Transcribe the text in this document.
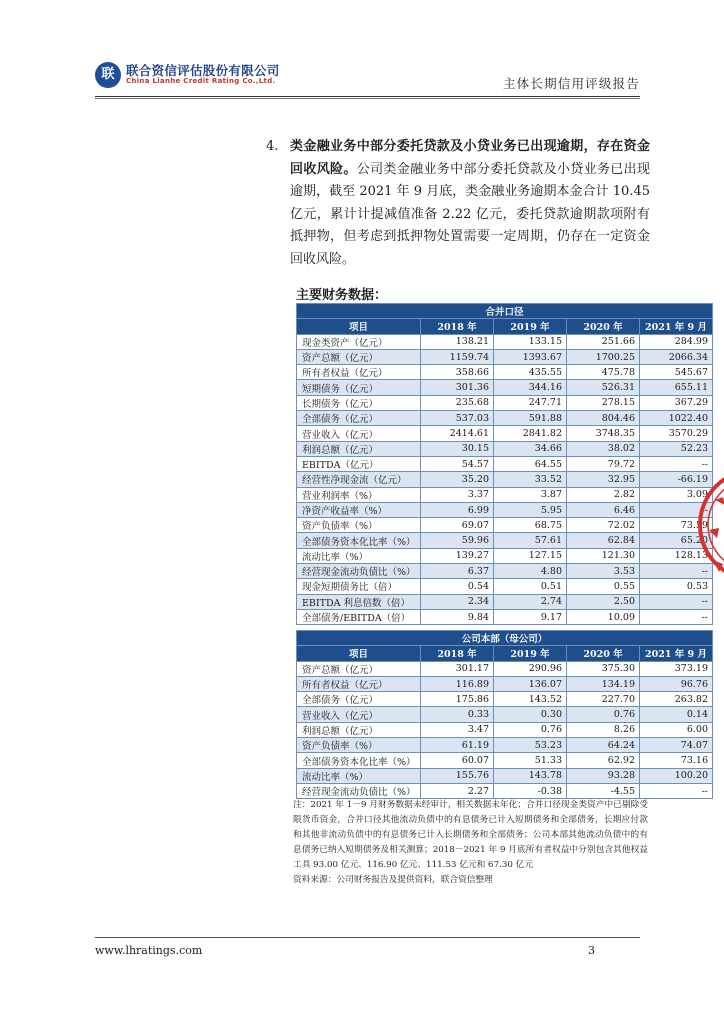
联 联合资信评估股份有限公司
China Lianhe Credit Rating Co.,Ltd.	主体长期信用评级报告
4. 类金融业务中部分委托贷款及小贷业务已出现逾期，存在资金回收风险。公司类金融业务中部分委托贷款及小贷业务已出现逾期，截至 2021 年 9 月底，类金融业务逾期本金合计 10.45 亿元，累计计提减值准备 2.22 亿元，委托贷款逾期款项附有抵押物，但考虑到抵押物处置需要一定周期，仍存在一定资金回收风险。

主要财务数据：
合并口径				
项目	2018 年	2019 年	2020 年	2021 年 9 月
现金类资产（亿元）	138.21	133.15	251.66	284.99
资产总额（亿元）	1159.74	1393.67	1700.25	2066.34
所有者权益（亿元）	358.66	435.55	475.78	545.67
短期债务（亿元）	301.36	344.16	526.31	655.11
长期债务（亿元）	235.68	247.71	278.15	367.29
全部债务（亿元）	537.03	591.88	804.46	1022.40
营业收入（亿元）	2414.61	2841.82	3748.35	3570.29
利润总额（亿元）	30.15	34.66	38.02	52.23
EBITDA（亿元）	54.57	64.55	79.72	--
经营性净现金流（亿元）	35.20	33.52	32.95	-66.19
营业利润率（%）	3.37	3.87	2.82	3.09
净资产收益率（%）	6.99	5.95	6.46	--
资产负债率（%）	69.07	68.75	72.02	73.59
全部债务资本化比率（%）	59.96	57.61	62.84	65.20
流动比率（%）	139.27	127.15	121.30	128.13
经营现金流动负债比（%）	6.37	4.80	3.53	--
现金短期债务比（倍）	0.54	0.51	0.55	0.53
EBITDA 利息倍数（倍）	2.34	2.74	2.50	--
全部债务/EBITDA（倍）	9.84	9.17	10.09	--
公司本部（母公司）				
项目	2018 年	2019 年	2020 年	2021 年 9 月
资产总额（亿元）	301.17	290.96	375.30	373.19
所有者权益（亿元）	116.89	136.07	134.19	96.76
全部债务（亿元）	175.86	143.52	227.70	263.82
营业收入（亿元）	0.33	0.30	0.76	0.14
利润总额（亿元）	3.47	0.76	8.26	6.00
资产负债率（%）	61.19	53.23	64.24	74.07
全部债务资本化比率（%）	60.07	51.33	62.92	73.16
流动比率（%）	155.76	143.78	93.28	100.20
经营现金流动负债比（%）	2.27	-0.38	-4.55	--
注：2021 年 1－9 月财务数据未经审计，相关数据未年化；合并口径现金类资产中已剔除受限货币资金，合并口径其他流动负债中的有息债务已计入短期债务和全部债务，长期应付款和其他非流动负债中的有息债务已计入长期债务和全部债务；公司本部其他流动负债中的有息债务已纳入短期债务及相关测算；2018－2021 年 9 月底所有者权益中分别包含其他权益工具 93.00 亿元、116.90 亿元、111.53 亿元和 67.30 亿元
资料来源：公司财务报告及提供资料，联合资信整理
www.lhratings.com	3
